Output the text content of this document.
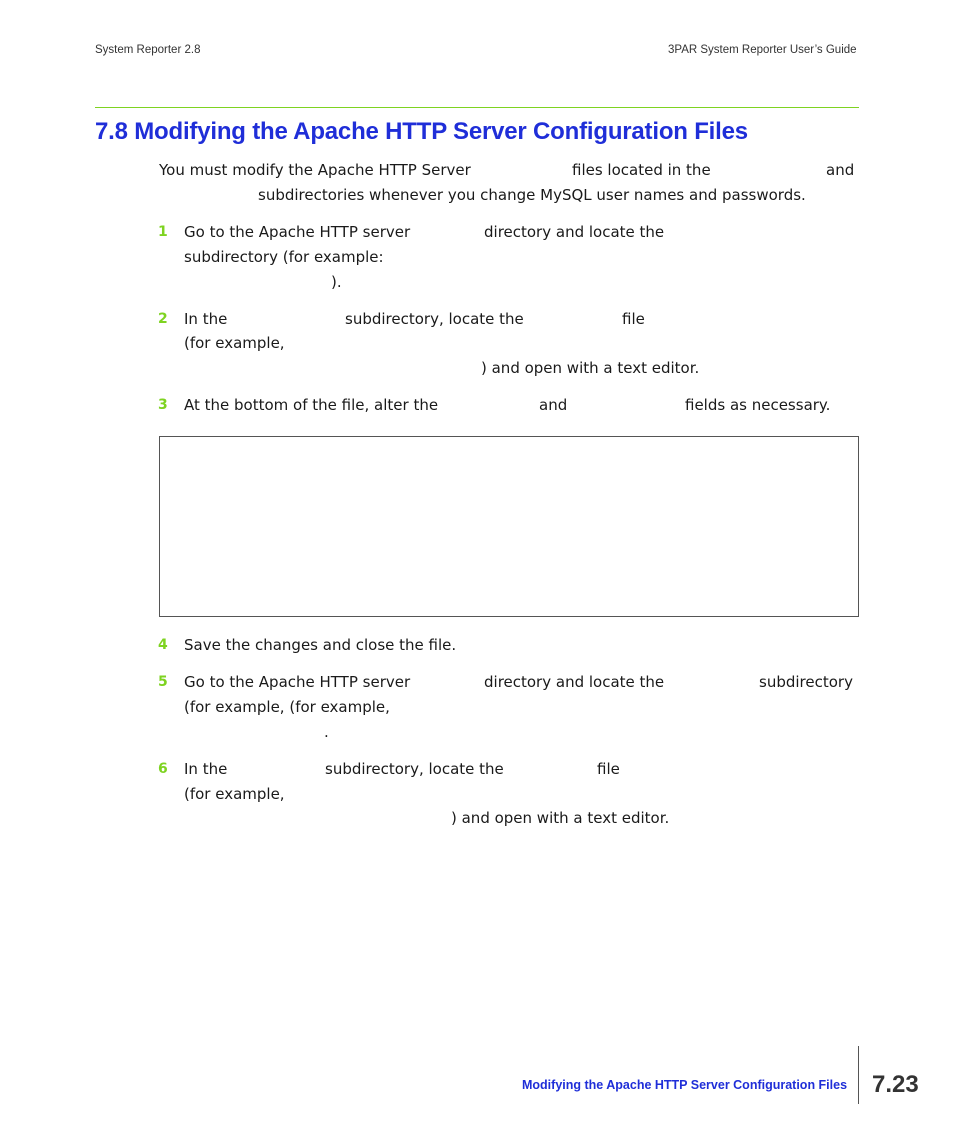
System Reporter 2.8	3PAR System Reporter User’s Guide
7.8 Modifying the Apache HTTP Server Configuration Files
You must modify the Apache HTTP Server	files located in the	and
subdirectories whenever you change MySQL user names and passwords.
1 Go to the Apache HTTP server	directory and locate the
subdirectory (for example:
).
2 In the	subdirectory, locate the	file
(for example,
) and open with a text editor.
3 At the bottom of the file, alter the	and	fields as necessary.
4 Save the changes and close the file.
5 Go to the Apache HTTP server	directory and locate the	subdirectory
(for example, (for example,
.
6 In the	subdirectory, locate the	file
(for example,
) and open with a text editor.
Modifying the Apache HTTP Server Configuration Files 7.23
